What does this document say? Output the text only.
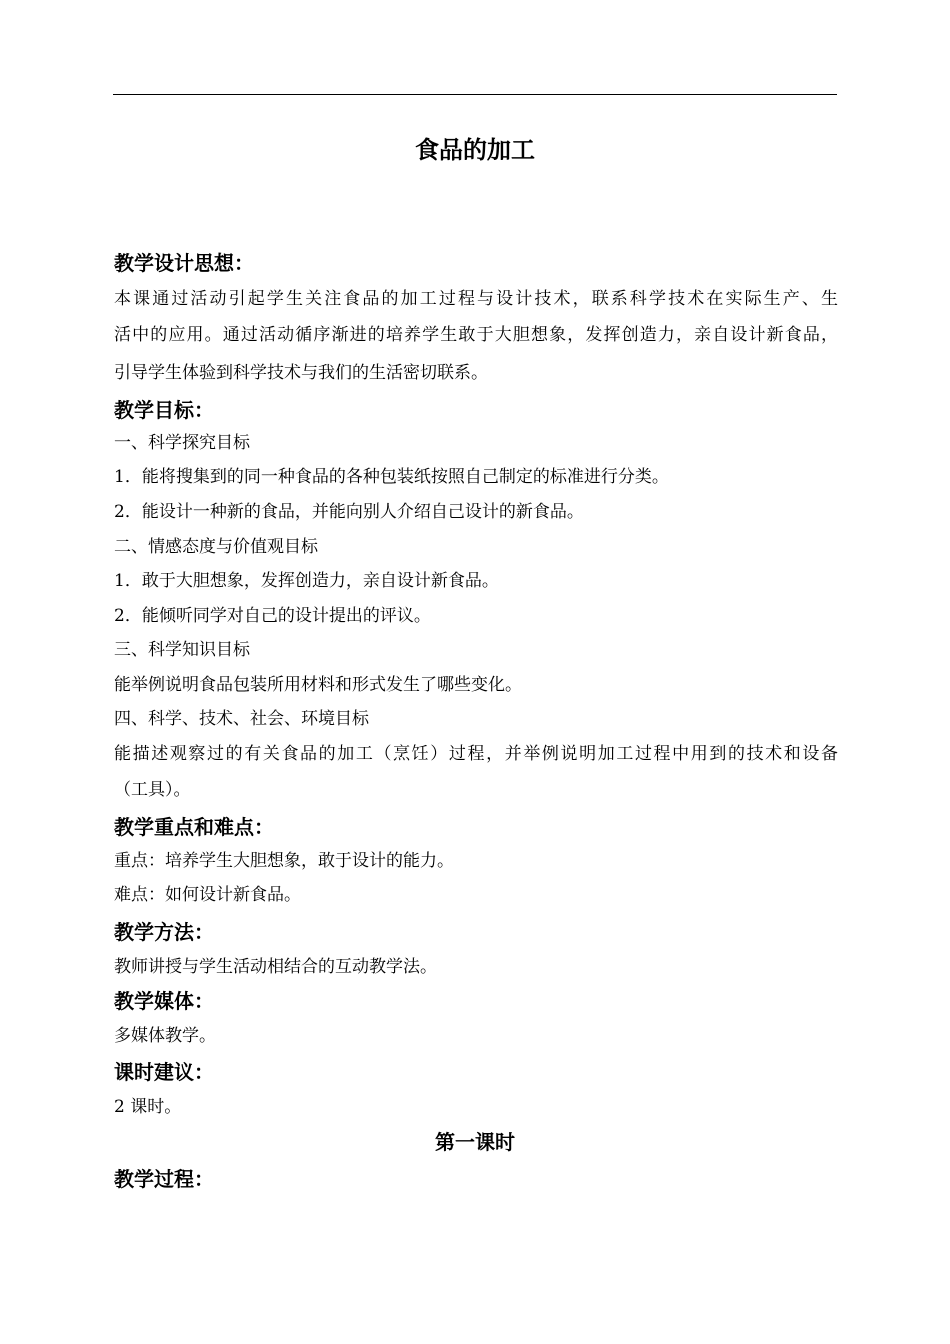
食品的加工
教学设计思想：
本课通过活动引起学生关注食品的加工过程与设计技术，联系科学技术在实际生产、生
活中的应用。通过活动循序渐进的培养学生敢于大胆想象，发挥创造力，亲自设计新食品，
引导学生体验到科学技术与我们的生活密切联系。
教学目标：
一、科学探究目标
1．能将搜集到的同一种食品的各种包装纸按照自己制定的标准进行分类。
2．能设计一种新的食品，并能向别人介绍自己设计的新食品。
二、情感态度与价值观目标
1．敢于大胆想象，发挥创造力，亲自设计新食品。
2．能倾听同学对自己的设计提出的评议。
三、科学知识目标
能举例说明食品包装所用材料和形式发生了哪些变化。
四、科学、技术、社会、环境目标
能描述观察过的有关食品的加工（烹饪）过程，并举例说明加工过程中用到的技术和设备
（工具）。
教学重点和难点：
重点：培养学生大胆想象，敢于设计的能力。
难点：如何设计新食品。
教学方法：
教师讲授与学生活动相结合的互动教学法。
教学媒体：
多媒体教学。
课时建议：
2 课时。
第一课时
教学过程：
